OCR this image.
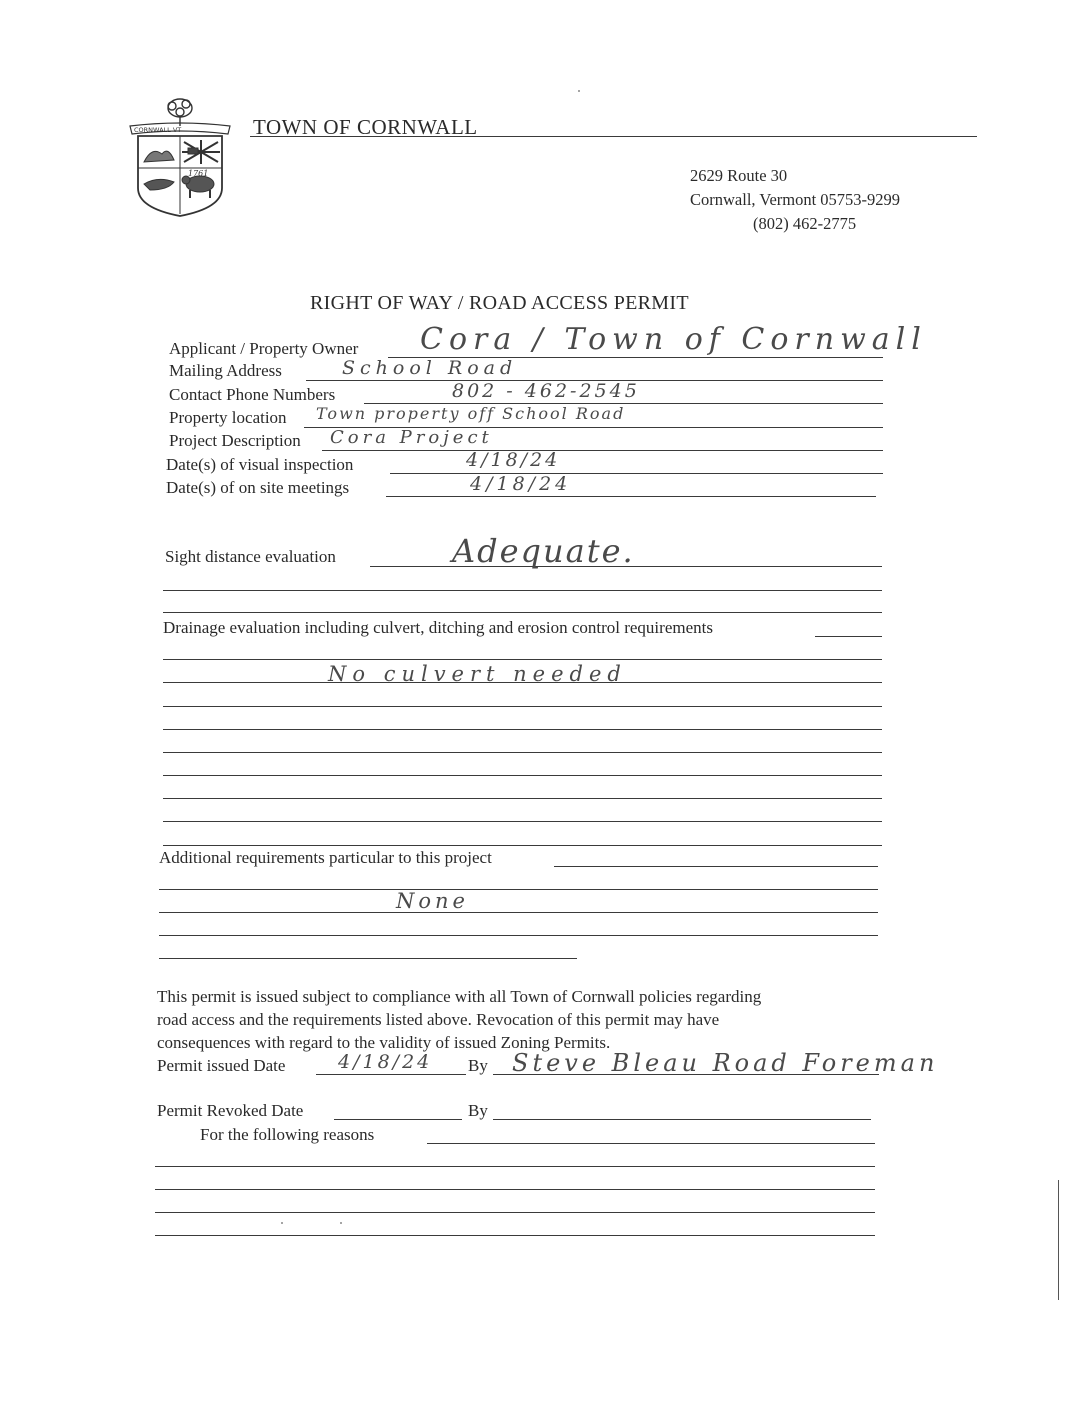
CORNWALL VT
1761
TOWN OF CORNWALL
2629 Route 30
Cornwall, Vermont 05753-9299
(802) 462-2775
RIGHT OF WAY / ROAD ACCESS PERMIT
Applicant / Property Owner Cora / Town of Cornwall
Mailing Address	School Road
Contact Phone Numbers	802 - 462-2545
Property location Town property off School Road
Project Description Cora Project
Date(s) of visual inspection	4/18/24
Date(s) of on site meetings	4/18/24
Sight distance evaluation	Adequate.
Drainage evaluation including culvert, ditching and erosion control requirements
No culvert needed
Additional requirements particular to this project
None
This permit is issued subject to compliance with all Town of Cornwall policies regarding
road access and the requirements listed above. Revocation of this permit may have
consequences with regard to the validity of issued Zoning Permits.
Permit issued Date	4/18/24 By Steve Bleau Road Foreman
Permit Revoked Date	By
For the following reasons
